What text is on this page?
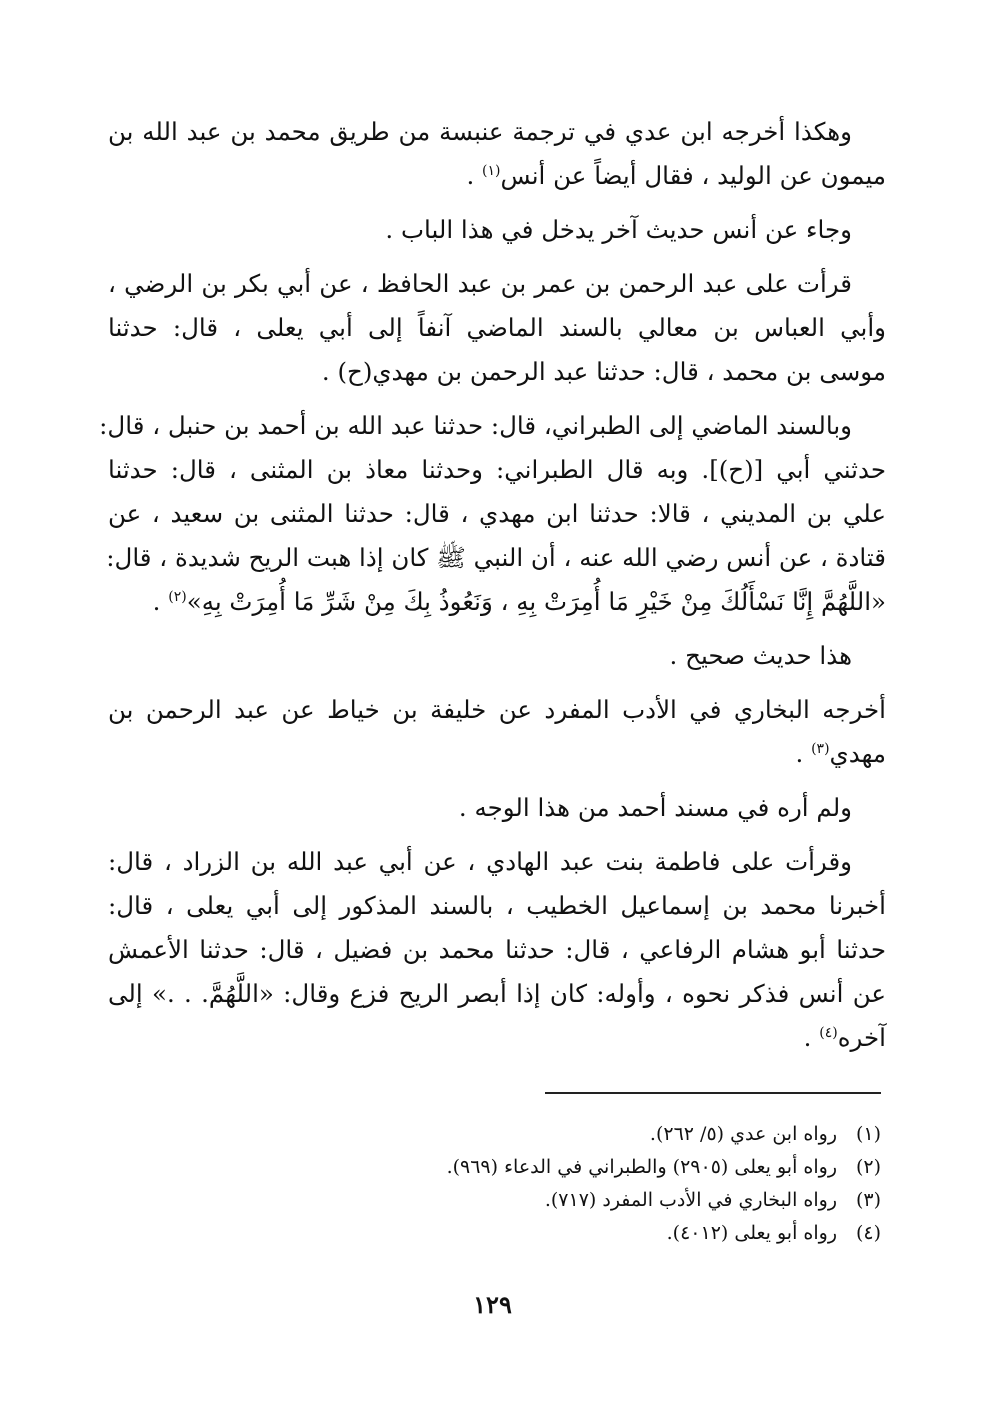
وهكذا أخرجه ابن عدي في ترجمة عنبسة من طريق محمد بن عبد الله بن
ميمون عن الوليد ، فقال أيضاً عن أنس$^{(١)}$ .

وجاء عن أنس حديث آخر يدخل في هذا الباب .

قرأت على عبد الرحمن بن عمر بن عبد الحافظ ، عن أبي بكر بن الرضي ،
وأبي العباس بن معالي بالسند الماضي آنفاً إلى أبي يعلى ، قال: حدثنا
موسى بن محمد ، قال: حدثنا عبد الرحمن بن مهدي(ح) .

وبالسند الماضي إلى الطبراني، قال: حدثنا عبد الله بن أحمد بن حنبل ، قال:
حدثني أبي [(ح)]. وبه قال الطبراني: وحدثنا معاذ بن المثنى ، قال: حدثنا
علي بن المديني ، قالا: حدثنا ابن مهدي ، قال: حدثنا المثنى بن سعيد ، عن
قتادة ، عن أنس رضي الله عنه ، أن النبي ﷺ كان إذا هبت الريح شديدة ، قال:
«اللَّهُمَّ إِنَّا نَسْأَلُكَ مِنْ خَيْرِ مَا أُمِرَتْ بِهِ ، وَنَعُوذُ بِكَ مِنْ شَرِّ مَا أُمِرَتْ بِهِ»$^{(٢)}$ .

هذا حديث صحيح .

أخرجه البخاري في الأدب المفرد عن خليفة بن خياط عن عبد الرحمن بن
مهدي$^{(٣)}$ .

ولم أره في مسند أحمد من هذا الوجه .

وقرأت على فاطمة بنت عبد الهادي ، عن أبي عبد الله بن الزراد ، قال:
أخبرنا محمد بن إسماعيل الخطيب ، بالسند المذكور إلى أبي يعلى ، قال:
حدثنا أبو هشام الرفاعي ، قال: حدثنا محمد بن فضيل ، قال: حدثنا الأعمش
عن أنس فذكر نحوه ، وأوله: كان إذا أبصر الريح فزع وقال: «اللَّهُمَّ. . .» إلى
آخره$^{(٤)}$ .

(١)رواه ابن عدي (٥/ ٢٦٢).
(٢)رواه أبو يعلى (٢٩٠٥) والطبراني في الدعاء (٩٦٩).
(٣)رواه البخاري في الأدب المفرد (٧١٧).
(٤)رواه أبو يعلى (٤٠١٢).
١٢٩
